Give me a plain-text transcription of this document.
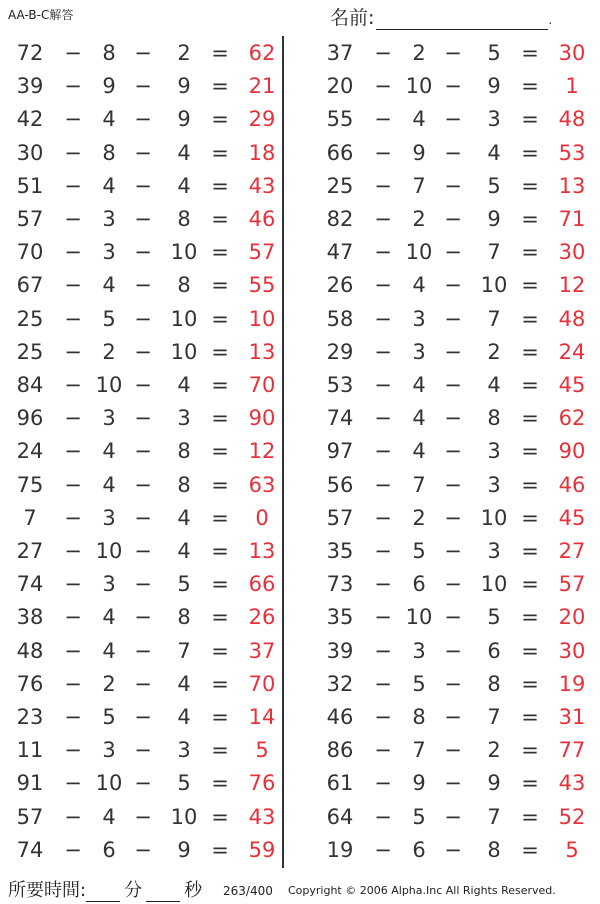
AA-B-C解答	名前:	.
72 − 8 −	2 = 62
39 − 9 −	9 = 21
42 − 4 −	9 = 29
30 − 8 −	4 = 18
51 − 4 −	4 = 43
57 − 3 −	8 = 46
70 − 3 − 10 = 57
67 − 4 −	8 = 55
25 − 5 − 10 = 10
25 − 2 − 10 = 13
84 − 10 −	4 = 70
96 − 3 −	3 = 90
24 − 4 −	8 = 12
75 − 4 −	8 = 63
7	− 3 −	4 =	0
27 − 10 −	4 = 13
74 − 3 −	5 = 66
38 − 4 −	8 = 26
48 − 4 −	7 = 37
76 − 2 −	4 = 70
23 − 5 −	4 = 14
11 − 3 −	3 =	5
91 − 10 −	5 = 76
57 − 4 − 10 = 43
74 − 6 −	9 = 59
37 − 2 −	5 = 30
20 − 10 −	9 =	1
55 − 4 −	3 = 48
66 − 9 −	4 = 53
25 − 7 −	5 = 13
82 − 2 −	9 = 71
47 − 10 −	7 = 30
26 − 4 − 10 = 12
58 − 3 −	7 = 48
29 − 3 −	2 = 24
53 − 4 −	4 = 45
74 − 4 −	8 = 62
97 − 4 −	3 = 90
56 − 7 −	3 = 46
57 − 2 − 10 = 45
35 − 5 −	3 = 27
73 − 6 − 10 = 57
35 − 10 −	5 = 20
39 − 3 −	6 = 30
32 − 5 −	8 = 19
46 − 8 −	7 = 31
86 − 7 −	2 = 77
61 − 9 −	9 = 43
64 − 5 −	7 = 52
19 − 6 −	8 =	5
所要時間: 分 秒	263/400 Copyright © 2006 Alpha.Inc All Rights Reserved.
